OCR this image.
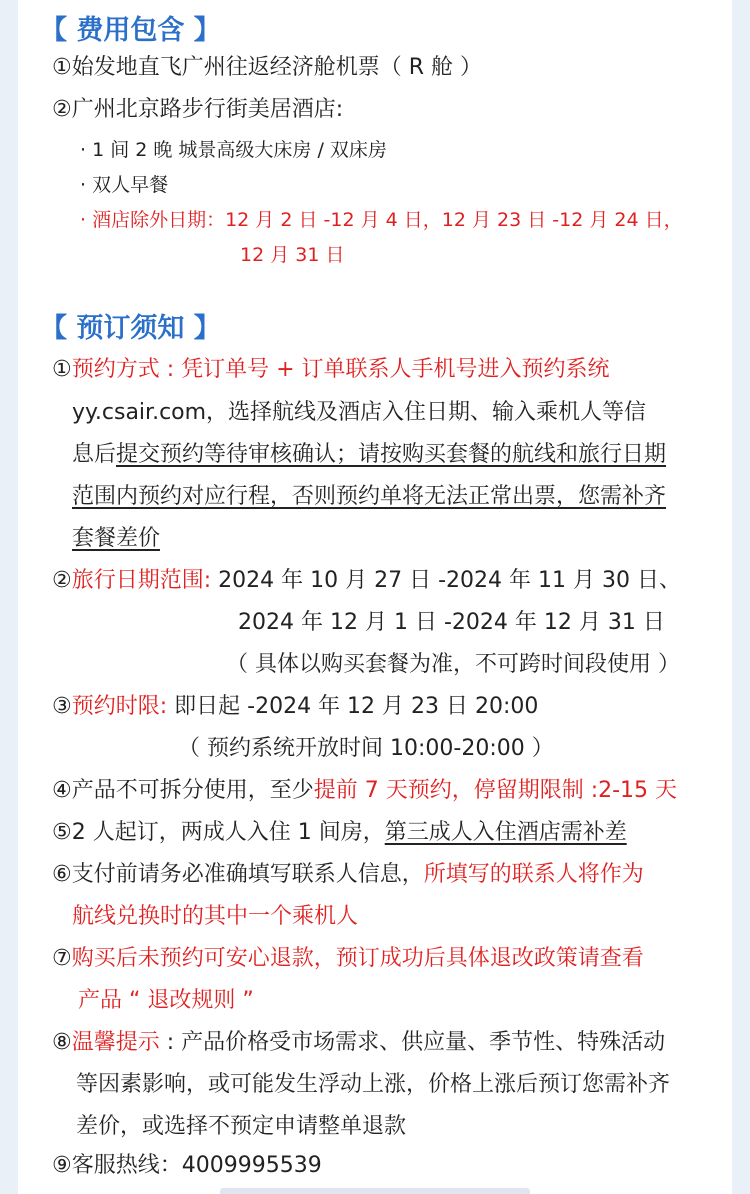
【 费用包含 】
①始发地直飞广州往返经济舱机票（ R 舱 ）
②广州北京路步行街美居酒店:
· 1 间 2 晚 城景高级大床房 / 双床房
· 双人早餐
· 酒店除外日期：12 月 2 日 -12 月 4 日，12 月 23 日 -12 月 24 日，
12 月 31 日
【 预订须知 】
①预约方式 : 凭订单号 + 订单联系人手机号进入预约系统
yy.csair.com，选择航线及酒店入住日期、输入乘机人等信
息后提交预约等待审核确认；请按购买套餐的航线和旅行日期
范围内预约对应行程，否则预约单将无法正常出票，您需补齐
套餐差价
②旅行日期范围: 2024 年 10 月 27 日 -2024 年 11 月 30 日、
2024 年 12 月 1 日 -2024 年 12 月 31 日
（ 具体以购买套餐为准，不可跨时间段使用 ）
③预约时限: 即日起 -2024 年 12 月 23 日 20:00
（ 预约系统开放时间 10:00-20:00 ）
④产品不可拆分使用，至少提前 7 天预约，停留期限制 :2-15 天
⑤2 人起订，两成人入住 1 间房，第三成人入住酒店需补差
⑥支付前请务必准确填写联系人信息，所填写的联系人将作为
航线兑换时的其中一个乘机人
⑦购买后未预约可安心退款，预订成功后具体退改政策请查看
产品 “ 退改规则 ”
⑧温馨提示 : 产品价格受市场需求、供应量、季节性、特殊活动
等因素影响，或可能发生浮动上涨，价格上涨后预订您需补齐
差价，或选择不预定申请整单退款
⑨客服热线：4009995539
